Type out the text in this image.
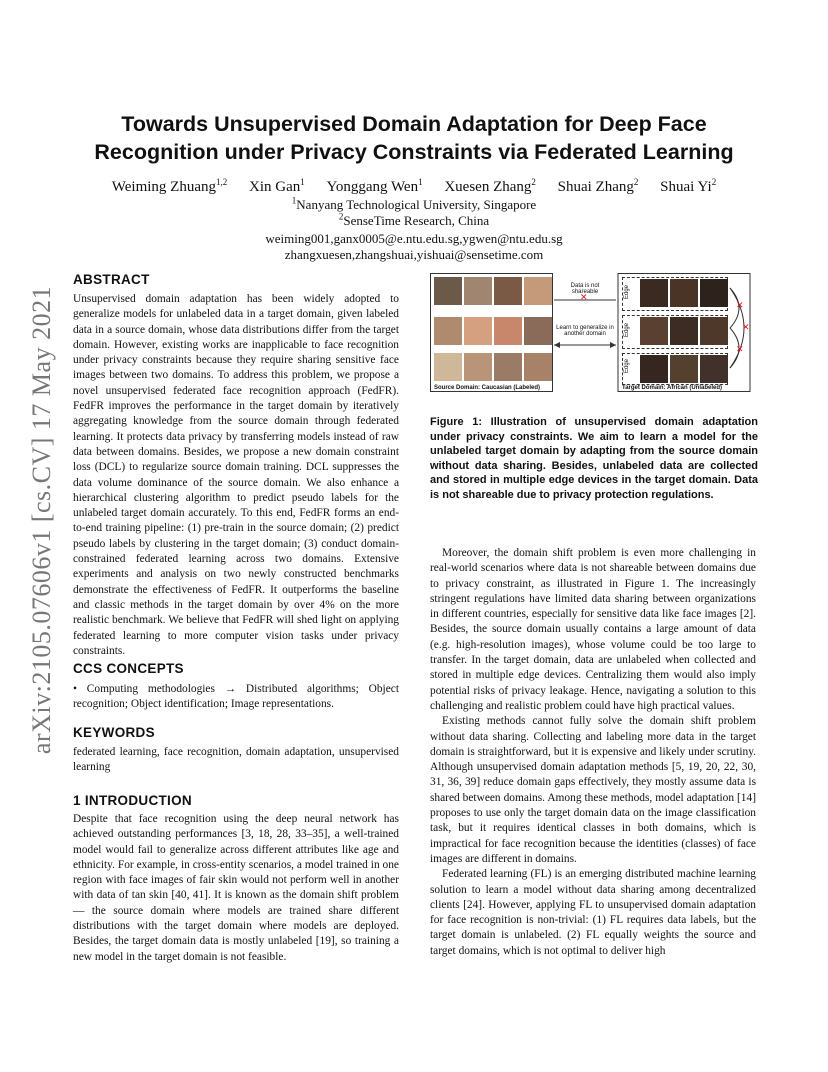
arXiv:2105.07606v1 [cs.CV] 17 May 2021
Towards Unsupervised Domain Adaptation for Deep Face
Recognition under Privacy Constraints via Federated Learning
Weiming Zhuang$^{1,2}$ Xin Gan$^1$ Yonggang Wen$^1$ Xuesen Zhang$^2$ Shuai Zhang$^2$ Shuai Yi$^2$
$^1$Nanyang Technological University, Singapore
$^2$SenseTime Research, China
weiming001,ganx0005@e.ntu.edu.sg,ygwen@ntu.edu.sg
zhangxuesen,zhangshuai,yishuai@sensetime.com
ABSTRACT

Unsupervised domain adaptation has been widely adopted to generalize models for unlabeled data in a target domain, given labeled data in a source domain, whose data distributions differ from the target domain. However, existing works are inapplicable to face recognition under privacy constraints because they require sharing sensitive face images between two domains. To address this problem, we propose a novel unsupervised federated face recognition approach (FedFR). FedFR improves the performance in the target domain by iteratively aggregating knowledge from the source domain through federated learning. It protects data privacy by transferring models instead of raw data between domains. Besides, we propose a new domain constraint loss (DCL) to regularize source domain training. DCL suppresses the data volume dominance of the source domain. We also enhance a hierarchical clustering algorithm to predict pseudo labels for the unlabeled target domain accurately. To this end, FedFR forms an end-to-end training pipeline: (1) pre-train in the source domain; (2) predict pseudo labels by clustering in the target domain; (3) conduct domain-constrained federated learning across two domains. Extensive experiments and analysis on two newly constructed benchmarks demonstrate the effectiveness of FedFR. It outperforms the baseline and classic methods in the target domain by over 4% on the more realistic benchmark. We believe that FedFR will shed light on applying federated learning to more computer vision tasks under privacy constraints.

CCS CONCEPTS

• Computing methodologies → Distributed algorithms; Object recognition; Object identification; Image representations.

KEYWORDS

federated learning, face recognition, domain adaptation, unsupervised learning

1 INTRODUCTION

Despite that face recognition using the deep neural network has achieved outstanding performances [3, 18, 28, 33–35], a well-trained model would fail to generalize across different attributes like age and ethnicity. For example, in cross-entity scenarios, a model trained in one region with face images of fair skin would not perform well in another with data of tan skin [40, 41]. It is known as the domain shift problem — the source domain where models are trained share different distributions with the target domain where models are deployed. Besides, the target domain data is mostly unlabeled [19], so training a new model in the target domain is not feasible.

✕
✕
✕
✕
Source Domain: Caucasian (Labeled)	Target Domain: African (Unlabeled)
Data is not shareable
Learn to generalize in another domain
Edge
Edge
Edge
Figure 1: Illustration of unsupervised domain adaptation under privacy constraints. We aim to learn a model for the unlabeled target domain by adapting from the source domain without data sharing. Besides, unlabeled data are collected and stored in multiple edge devices in the target domain. Data is not shareable due to privacy protection regulations.

Moreover, the domain shift problem is even more challenging in real-world scenarios where data is not shareable between domains due to privacy constraint, as illustrated in Figure 1. The increasingly stringent regulations have limited data sharing between organizations in different countries, especially for sensitive data like face images [2]. Besides, the source domain usually contains a large amount of data (e.g. high-resolution images), whose volume could be too large to transfer. In the target domain, data are unlabeled when collected and stored in multiple edge devices. Centralizing them would also imply potential risks of privacy leakage. Hence, navigating a solution to this challenging and realistic problem could have high practical values.

Existing methods cannot fully solve the domain shift problem without data sharing. Collecting and labeling more data in the target domain is straightforward, but it is expensive and likely under scrutiny. Although unsupervised domain adaptation methods [5, 19, 20, 22, 30, 31, 36, 39] reduce domain gaps effectively, they mostly assume data is shared between domains. Among these methods, model adaptation [14] proposes to use only the target domain data on the image classification task, but it requires identical classes in both domains, which is impractical for face recognition because the identities (classes) of face images are different in domains.

Federated learning (FL) is an emerging distributed machine learning solution to learn a model without data sharing among decentralized clients [24]. However, applying FL to unsupervised domain adaptation for face recognition is non-trivial: (1) FL requires data labels, but the target domain is unlabeled. (2) FL equally weights the source and target domains, which is not optimal to deliver high
